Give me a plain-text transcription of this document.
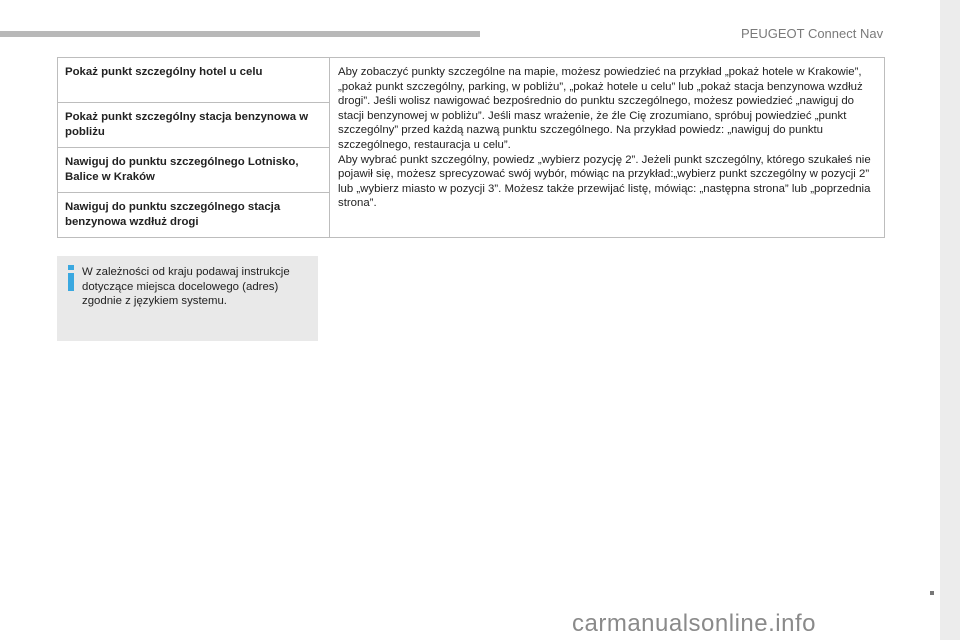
PEUGEOT Connect Nav
Pokaż punkt szczególny hotel u celu	Aby zobaczyć punkty szczególne na mapie, możesz powiedzieć na przykład „pokaż hotele w Krakowie”, „pokaż punkt szczególny, parking, w pobliżu”, „pokaż hotele u celu” lub „pokaż stacja benzynowa wzdłuż drogi”. Jeśli wolisz nawigować bezpośrednio do punktu szczególnego, możesz powiedzieć „nawiguj do stacji benzynowej w pobliżu”. Jeśli masz wrażenie, że źle Cię zrozumiano, spróbuj powiedzieć „punkt szczególny” przed każdą nazwą punktu szczególnego. Na przykład powiedz: „nawiguj do punktu szczególnego, restauracja u celu”.

Aby wybrać punkt szczególny, powiedz „wybierz pozycję 2”. Jeżeli punkt szczególny, którego szukałeś nie pojawił się, możesz sprecyzować swój wybór, mówiąc na przykład:„wybierz punkt szczególny w pozycji 2” lub „wybierz miasto w pozycji 3”. Możesz także przewijać listę, mówiąc: „następna strona” lub „poprzednia strona”.

Pokaż punkt szczególny stacja benzynowa w pobliżu
Nawiguj do punktu szczególnego Lotnisko, Balice w Kraków
Nawiguj do punktu szczególnego stacja benzynowa wzdłuż drogi
W zależności od kraju podawaj instrukcje dotyczące miejsca docelowego (adres) zgodnie z językiem systemu.
carmanualsonline.info
